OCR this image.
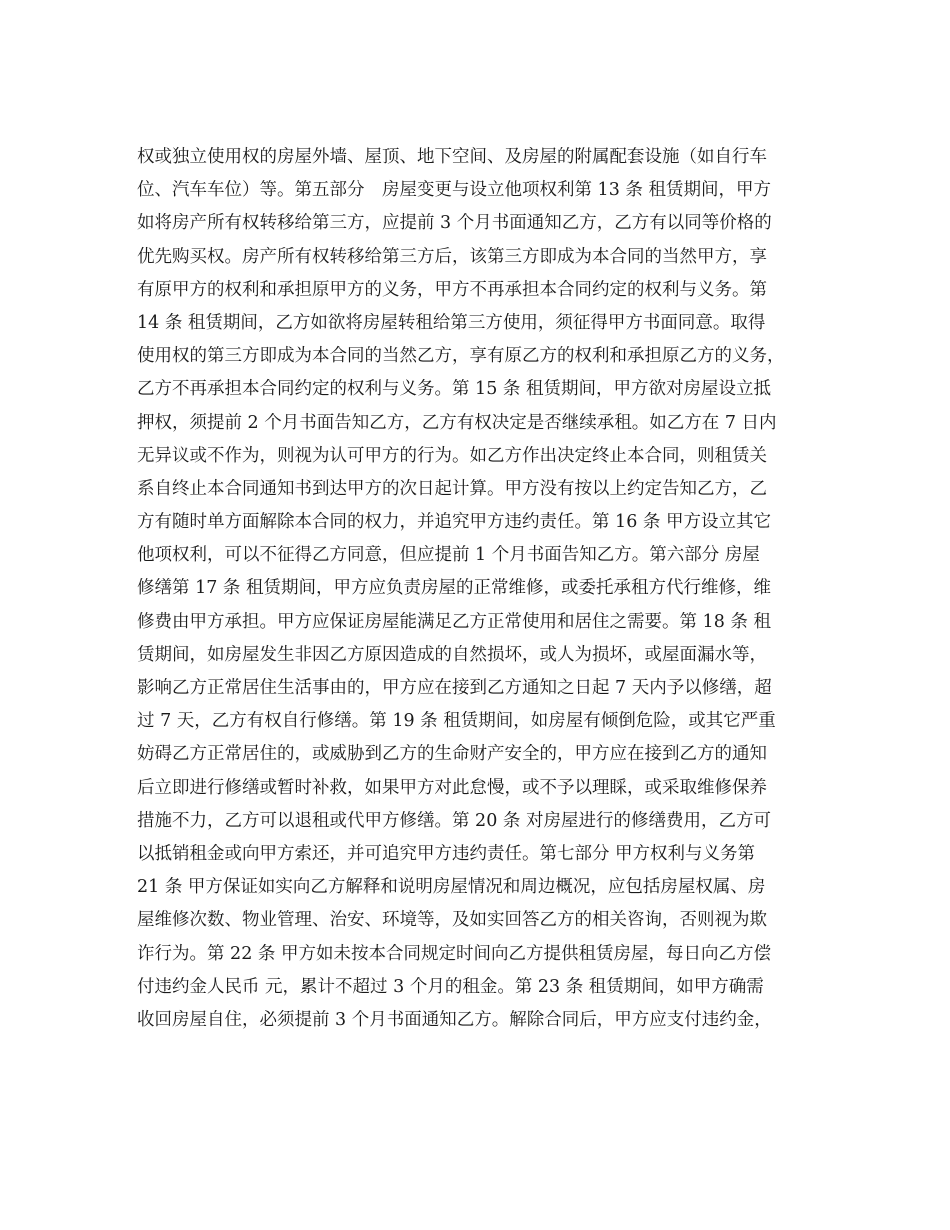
权或独立使用权的房屋外墙、屋顶、地下空间、及房屋的附属配套设施（如自行车
位、汽车车位）等。第五部分　房屋变更与设立他项权利第 13 条 租赁期间，甲方
如将房产所有权转移给第三方，应提前 3 个月书面通知乙方，乙方有以同等价格的
优先购买权。房产所有权转移给第三方后，该第三方即成为本合同的当然甲方，享
有原甲方的权利和承担原甲方的义务，甲方不再承担本合同约定的权利与义务。第
14 条 租赁期间，乙方如欲将房屋转租给第三方使用，须征得甲方书面同意。取得
使用权的第三方即成为本合同的当然乙方，享有原乙方的权利和承担原乙方的义务，
乙方不再承担本合同约定的权利与义务。第 15 条 租赁期间，甲方欲对房屋设立抵
押权，须提前 2 个月书面告知乙方，乙方有权决定是否继续承租。如乙方在 7 日内
无异议或不作为，则视为认可甲方的行为。如乙方作出决定终止本合同，则租赁关
系自终止本合同通知书到达甲方的次日起计算。甲方没有按以上约定告知乙方，乙
方有随时单方面解除本合同的权力，并追究甲方违约责任。第 16 条 甲方设立其它
他项权利，可以不征得乙方同意，但应提前 1 个月书面告知乙方。第六部分 房屋
修缮第 17 条 租赁期间，甲方应负责房屋的正常维修，或委托承租方代行维修，维
修费由甲方承担。甲方应保证房屋能满足乙方正常使用和居住之需要。第 18 条 租
赁期间，如房屋发生非因乙方原因造成的自然损坏，或人为损坏，或屋面漏水等，
影响乙方正常居住生活事由的，甲方应在接到乙方通知之日起 7 天内予以修缮，超
过 7 天，乙方有权自行修缮。第 19 条 租赁期间，如房屋有倾倒危险，或其它严重
妨碍乙方正常居住的，或威胁到乙方的生命财产安全的，甲方应在接到乙方的通知
后立即进行修缮或暂时补救，如果甲方对此怠慢，或不予以理睬，或采取维修保养
措施不力，乙方可以退租或代甲方修缮。第 20 条 对房屋进行的修缮费用，乙方可
以抵销租金或向甲方索还，并可追究甲方违约责任。第七部分 甲方权利与义务第
21 条 甲方保证如实向乙方解释和说明房屋情况和周边概况，应包括房屋权属、房
屋维修次数、物业管理、治安、环境等，及如实回答乙方的相关咨询，否则视为欺
诈行为。第 22 条 甲方如未按本合同规定时间向乙方提供租赁房屋，每日向乙方偿
付违约金人民币 元，累计不超过 3 个月的租金。第 23 条 租赁期间，如甲方确需
收回房屋自住，必须提前 3 个月书面通知乙方。解除合同后，甲方应支付违约金，
